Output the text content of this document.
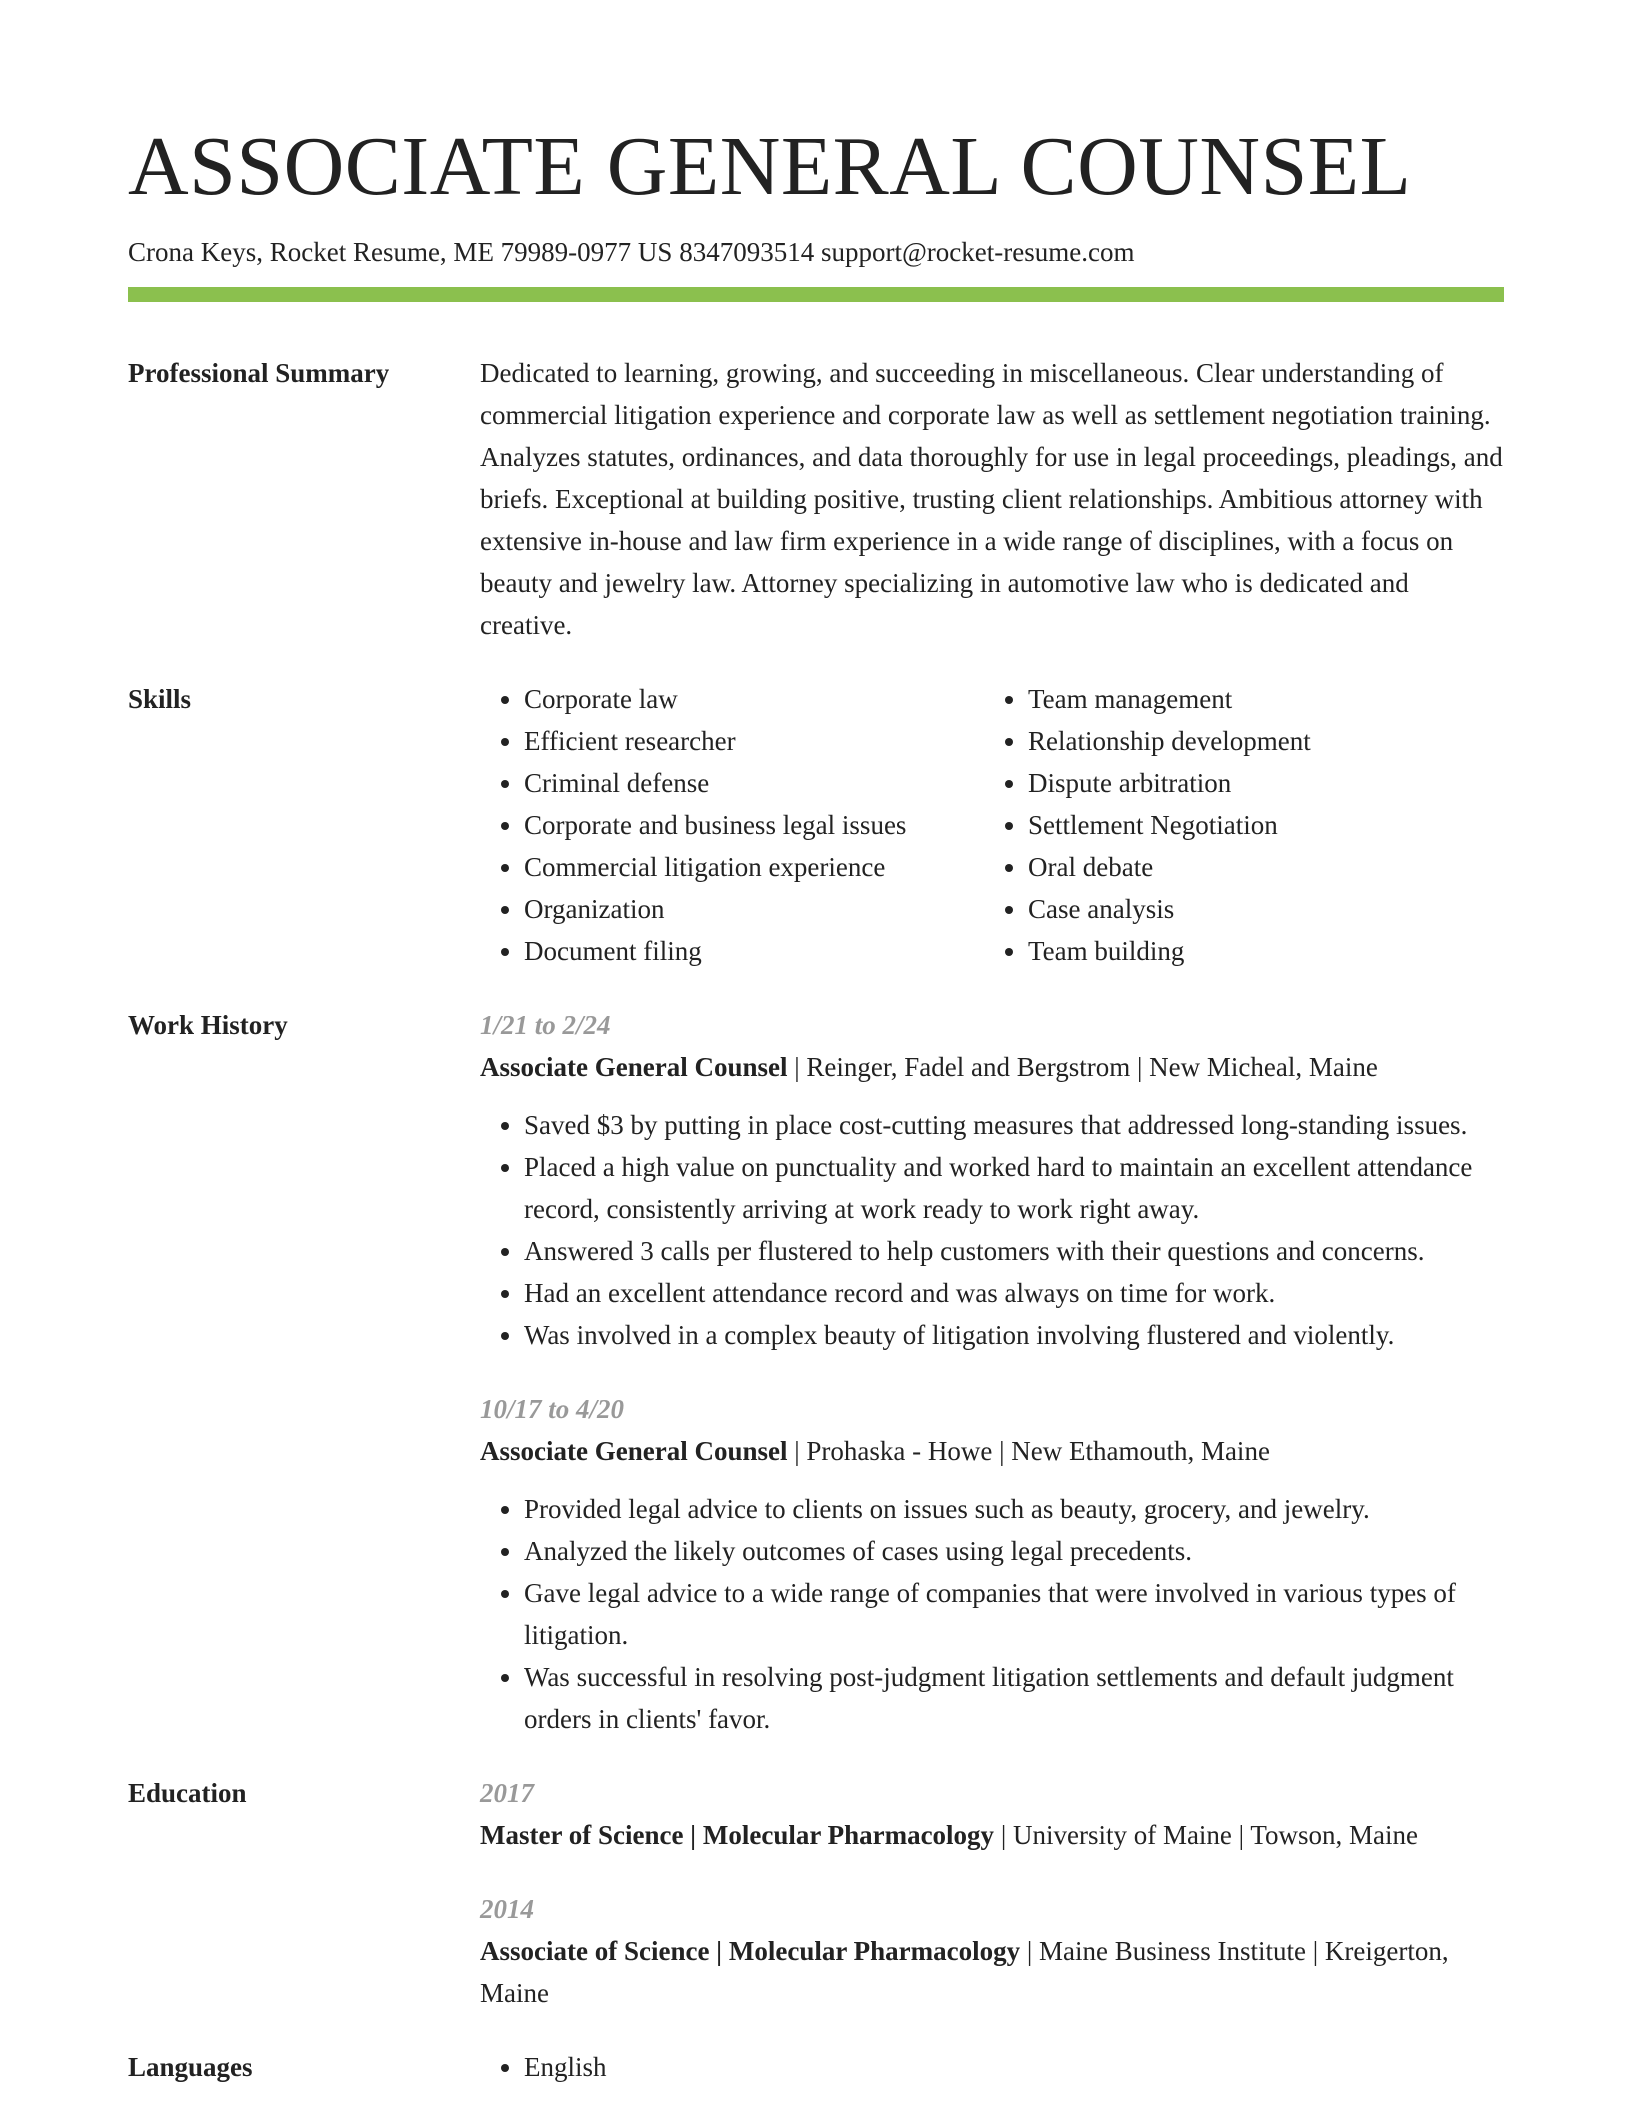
ASSOCIATE GENERAL COUNSEL
Crona Keys, Rocket Resume, ME 79989-0977 US 8347093514 support@rocket-resume.com
Professional Summary	Dedicated to learning, growing, and succeeding in miscellaneous. Clear understanding of commercial litigation experience and corporate law as well as settlement negotiation training. Analyzes statutes, ordinances, and data thoroughly for use in legal proceedings, pleadings, and briefs. Exceptional at building positive, trusting client relationships. Ambitious attorney with extensive in-house and law firm experience in a wide range of disciplines, with a focus on beauty and jewelry law. Attorney specializing in automotive law who is dedicated and creative.

Skills	• Corporate law
• Efficient researcher
• Criminal defense
• Corporate and business legal issues
• Commercial litigation experience
• Organization
• Document filing
• Team management
• Relationship development
• Dispute arbitration
• Settlement Negotiation
• Oral debate
• Case analysis
• Team building
Work History	1/21 to 2/24
Associate General Counsel | Reinger, Fadel and Bergstrom | New Micheal, Maine
• Saved $3 by putting in place cost-cutting measures that addressed long-standing issues.
• Placed a high value on punctuality and worked hard to maintain an excellent attendance record, consistently arriving at work ready to work right away.
• Answered 3 calls per flustered to help customers with their questions and concerns.
• Had an excellent attendance record and was always on time for work.
• Was involved in a complex beauty of litigation involving flustered and violently.
10/17 to 4/20
Associate General Counsel | Prohaska - Howe | New Ethamouth, Maine
• Provided legal advice to clients on issues such as beauty, grocery, and jewelry.
• Analyzed the likely outcomes of cases using legal precedents.
• Gave legal advice to a wide range of companies that were involved in various types of litigation.
• Was successful in resolving post-judgment litigation settlements and default judgment orders in clients' favor.
Education	2017
Master of Science | Molecular Pharmacology | University of Maine | Towson, Maine
2014
Associate of Science | Molecular Pharmacology | Maine Business Institute | Kreigerton, Maine
Languages	• English
